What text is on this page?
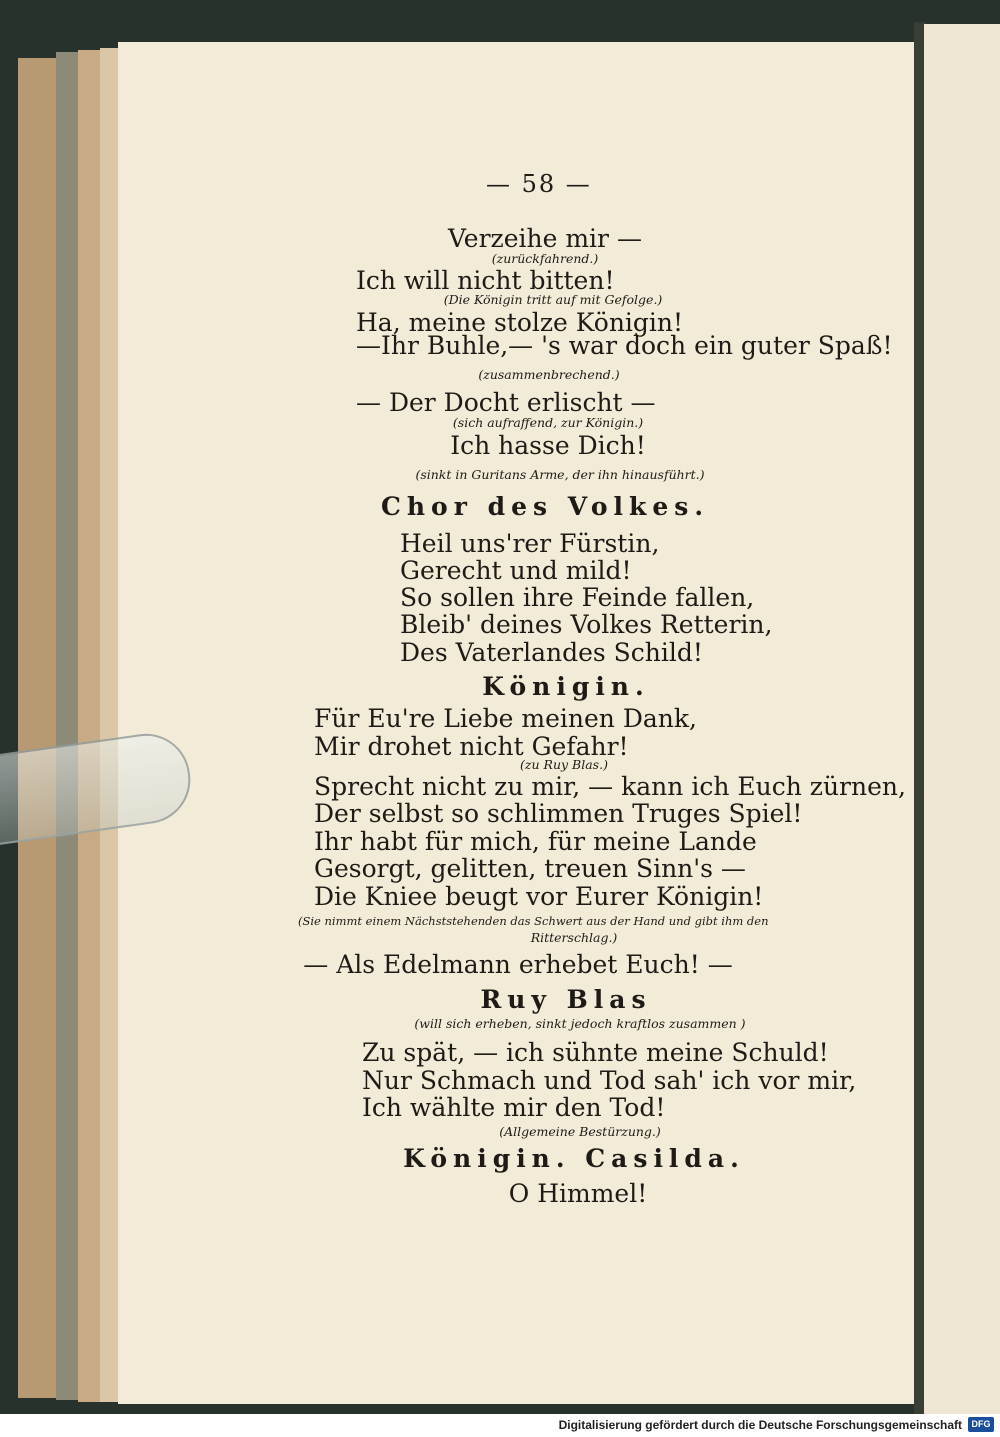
— 58 —
Verzeihe mir —
(zurückfahrend.)
Ich will nicht bitten!
(Die Königin tritt auf mit Gefolge.)
Ha, meine stolze Königin!
—Ihr Buhle,— 's war doch ein guter Spaß!
(zusammenbrechend.)
— Der Docht erlischt —
(sich aufraffend, zur Königin.)
Ich hasse Dich!
(sinkt in Guritans Arme, der ihn hinausführt.)
Chor des Volkes.
Heil uns'rer Fürstin,
Gerecht und mild!
So sollen ihre Feinde fallen,
Bleib' deines Volkes Retterin,
Des Vaterlandes Schild!
Königin.
Für Eu're Liebe meinen Dank,
Mir drohet nicht Gefahr!
(zu Ruy Blas.)
Sprecht nicht zu mir, — kann ich Euch zürnen,
Der selbst so schlimmen Truges Spiel!
Ihr habt für mich, für meine Lande
Gesorgt, gelitten, treuen Sinn's —
Die Kniee beugt vor Eurer Königin!
(Sie nimmt einem Nächststehenden das Schwert aus der Hand und gibt ihm den
Ritterschlag.)
— Als Edelmann erhebet Euch! —
Ruy Blas
(will sich erheben, sinkt jedoch kraftlos zusammen )
Zu spät, — ich sühnte meine Schuld!
Nur Schmach und Tod sah' ich vor mir,
Ich wählte mir den Tod!
(Allgemeine Bestürzung.)
Königin. Casilda.
O Himmel!
Digitalisierung gefördert durch die Deutsche Forschungsgemeinschaft	DFG
